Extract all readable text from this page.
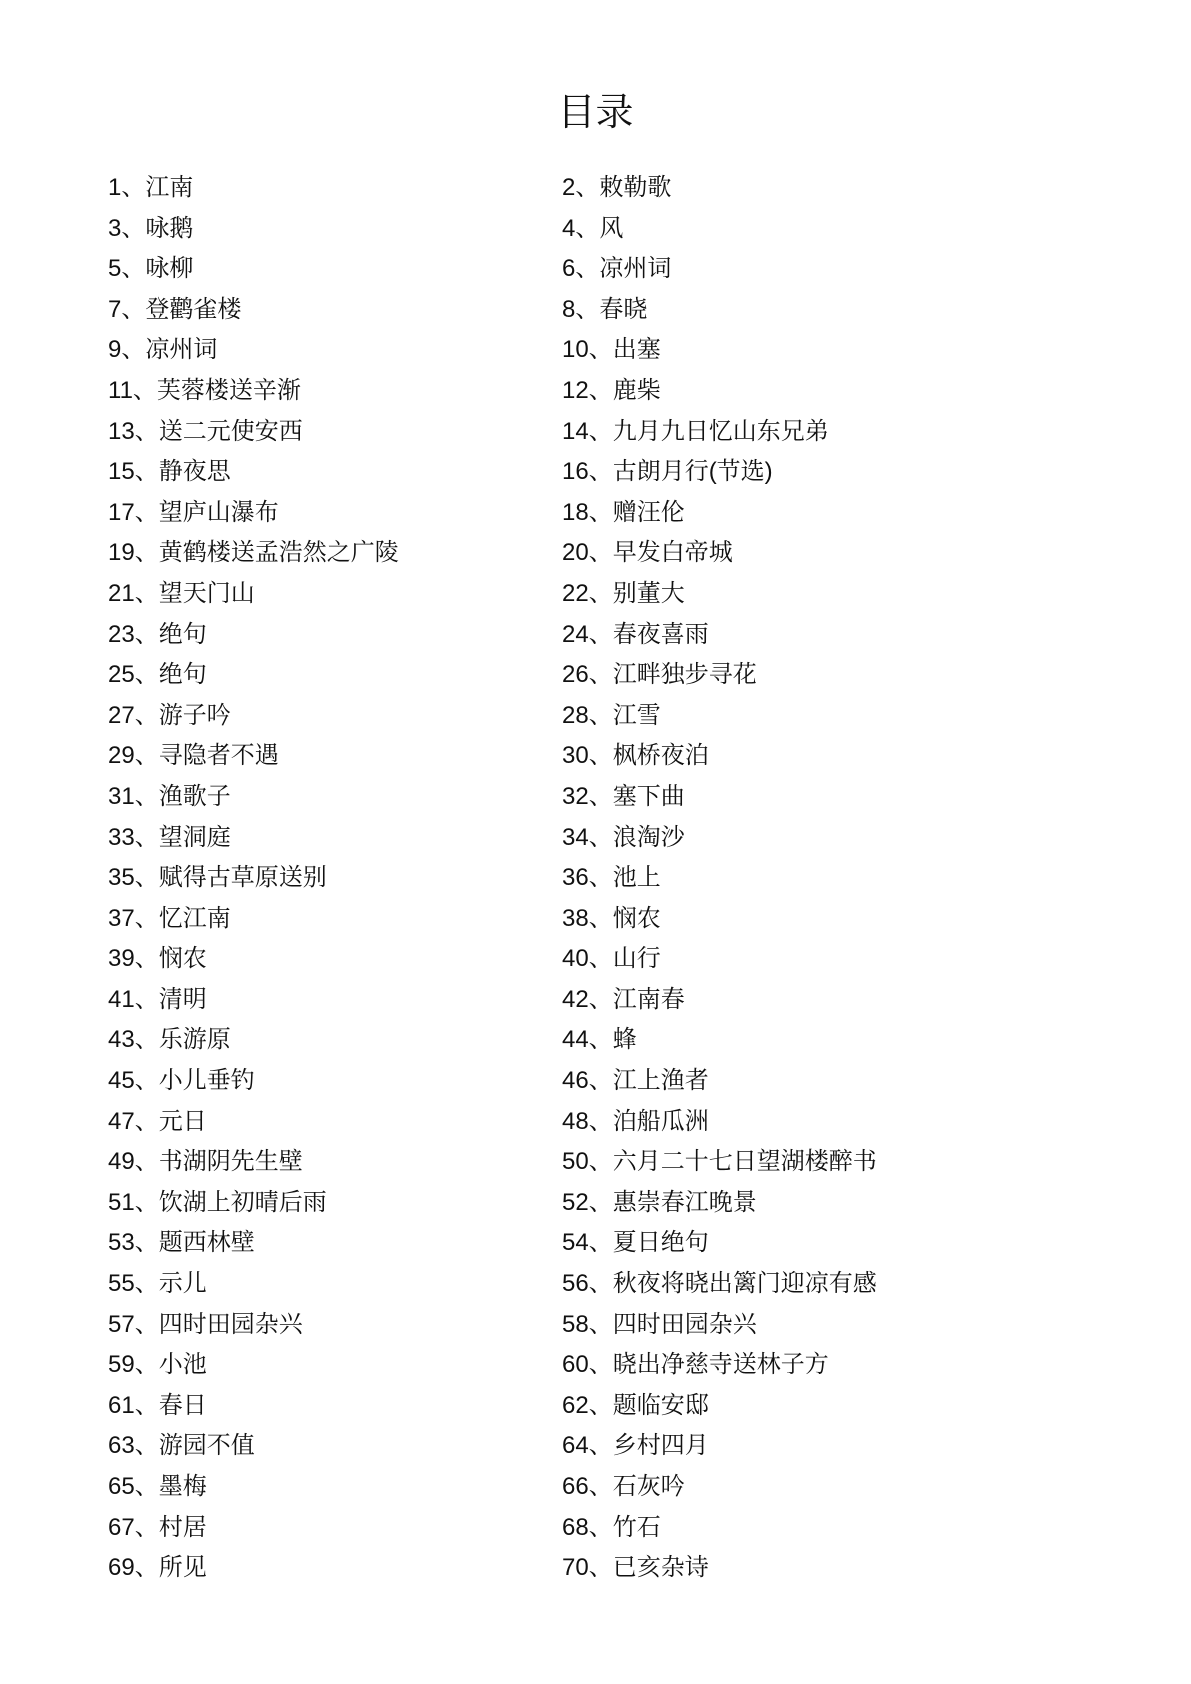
目录
1、江南	2、敕勒歌
3、咏鹅	4、风
5、咏柳	6、凉州词
7、登鹳雀楼	8、春晓
9、凉州词	10、出塞
11、芙蓉楼送辛渐	12、鹿柴
13、送二元使安西	14、九月九日忆山东兄弟
15、静夜思	16、古朗月行(节选)
17、望庐山瀑布	18、赠汪伦
19、黄鹤楼送孟浩然之广陵	20、早发白帝城
21、望天门山	22、别董大
23、绝句	24、春夜喜雨
25、绝句	26、江畔独步寻花
27、游子吟	28、江雪
29、寻隐者不遇	30、枫桥夜泊
31、渔歌子	32、塞下曲
33、望洞庭	34、浪淘沙
35、赋得古草原送别	36、池上
37、忆江南	38、悯农
39、悯农	40、山行
41、清明	42、江南春
43、乐游原	44、蜂
45、小儿垂钓	46、江上渔者
47、元日	48、泊船瓜洲
49、书湖阴先生壁	50、六月二十七日望湖楼醉书
51、饮湖上初晴后雨	52、惠崇春江晚景
53、题西林壁	54、夏日绝句
55、示儿	56、秋夜将晓出篱门迎凉有感
57、四时田园杂兴	58、四时田园杂兴
59、小池	60、晓出净慈寺送林子方
61、春日	62、题临安邸
63、游园不值	64、乡村四月
65、墨梅	66、石灰吟
67、村居	68、竹石
69、所见	70、已亥杂诗
